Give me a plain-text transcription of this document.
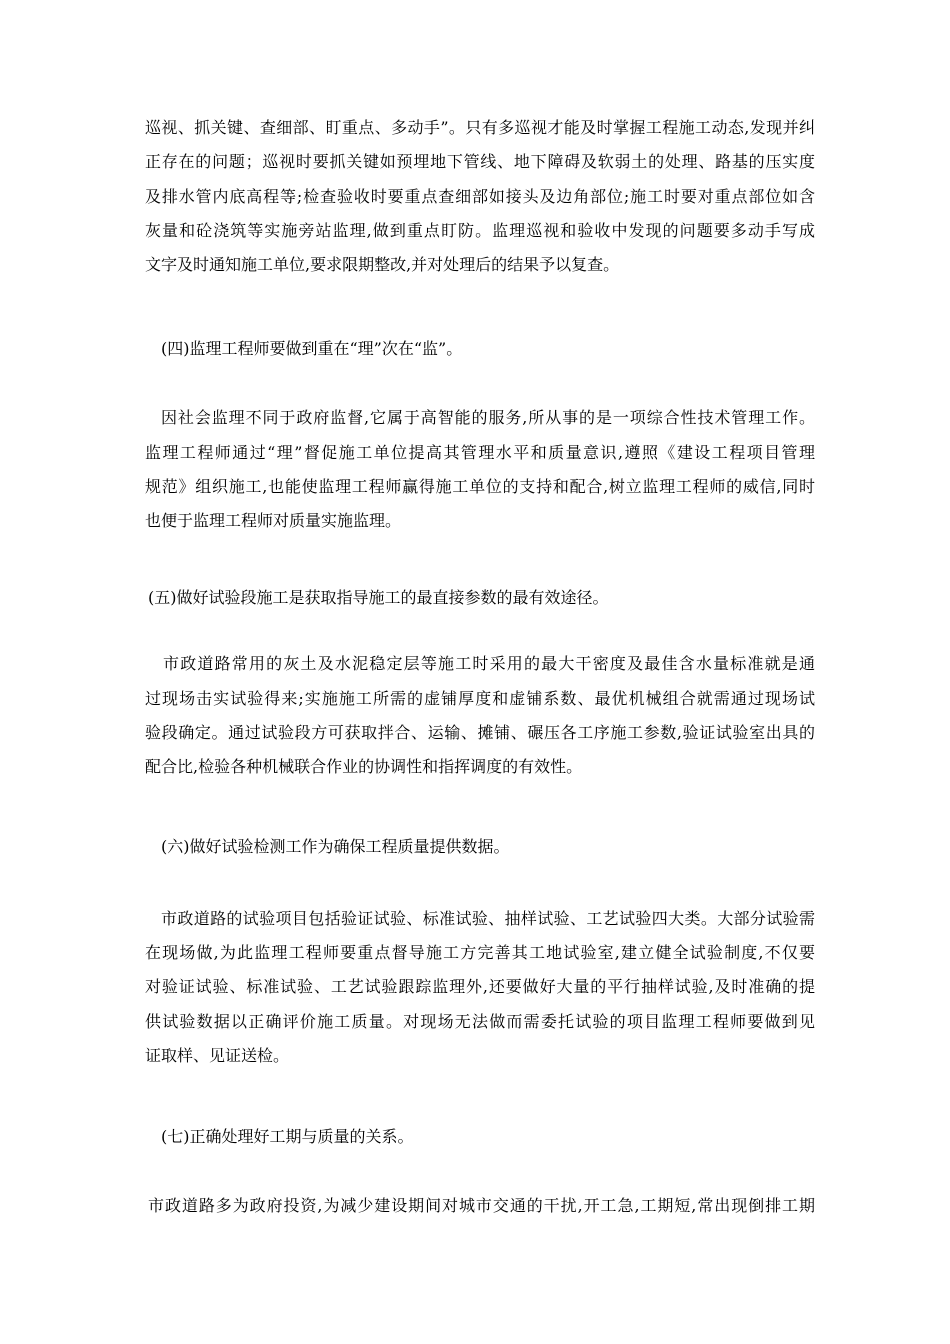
巡视、抓关键、查细部、盯重点、多动手”。只有多巡视才能及时掌握工程施工动态,发现并纠
正存在的问题；巡视时要抓关键如预埋地下管线、地下障碍及软弱土的处理、路基的压实度
及排水管内底高程等;检查验收时要重点查细部如接头及边角部位;施工时要对重点部位如含
灰量和砼浇筑等实施旁站监理,做到重点盯防。监理巡视和验收中发现的问题要多动手写成
文字及时通知施工单位,要求限期整改,并对处理后的结果予以复查。
(四)监理工程师要做到重在“理”次在“监”。
因社会监理不同于政府监督,它属于高智能的服务,所从事的是一项综合性技术管理工作。
监理工程师通过“理”督促施工单位提高其管理水平和质量意识,遵照《建设工程项目管理
规范》组织施工,也能使监理工程师赢得施工单位的支持和配合,树立监理工程师的威信,同时
也便于监理工程师对质量实施监理。
(五)做好试验段施工是获取指导施工的最直接参数的最有效途径。
市政道路常用的灰土及水泥稳定层等施工时采用的最大干密度及最佳含水量标准就是通
过现场击实试验得来;实施施工所需的虚铺厚度和虚铺系数、最优机械组合就需通过现场试
验段确定。通过试验段方可获取拌合、运输、摊铺、碾压各工序施工参数,验证试验室出具的
配合比,检验各种机械联合作业的协调性和指挥调度的有效性。
(六)做好试验检测工作为确保工程质量提供数据。
市政道路的试验项目包括验证试验、标准试验、抽样试验、工艺试验四大类。大部分试验需
在现场做,为此监理工程师要重点督导施工方完善其工地试验室,建立健全试验制度,不仅要
对验证试验、标准试验、工艺试验跟踪监理外,还要做好大量的平行抽样试验,及时准确的提
供试验数据以正确评价施工质量。对现场无法做而需委托试验的项目监理工程师要做到见
证取样、见证送检。
(七)正确处理好工期与质量的关系。
市政道路多为政府投资,为减少建设期间对城市交通的干扰,开工急,工期短,常出现倒排工期
